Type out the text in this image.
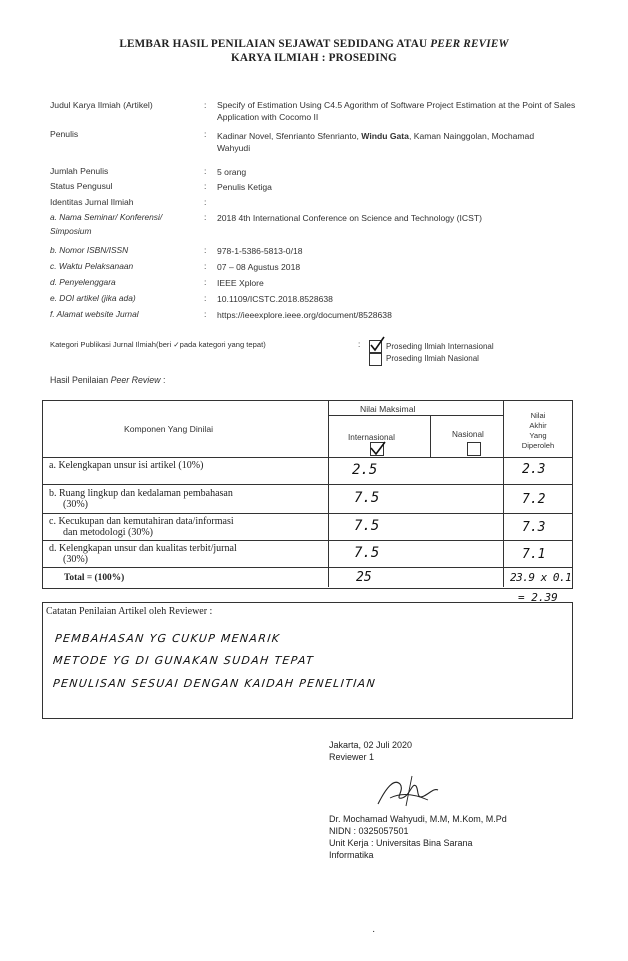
LEMBAR HASIL PENILAIAN SEJAWAT SEDIDANG ATAU PEER REVIEW
KARYA ILMIAH : PROSEDING
Judul Karya Ilmiah (Artikel)	: Specify of Estimation Using C4.5 Agorithm of Software Project Estimation at the Point of Sales Application with Cocomo II
Penulis	: Kadinar Novel, Sfenrianto Sfenrianto, Windu Gata, Kaman Nainggolan, Mochamad Wahyudi
Jumlah Penulis	: 5 orang
Status Pengusul	: Penulis Ketiga
Identitas Jurnal Ilmiah	:
a. Nama Seminar/ Konferensi/
Simposium
: 2018 4th International Conference on Science and Technology (ICST)
b. Nomor ISBN/ISSN	: 978-1-5386-5813-0/18
c. Waktu Pelaksanaan	: 07 – 08 Agustus 2018
d. Penyelenggara	: IEEE Xplore
e. DOI artikel (jika ada)	: 10.1109/ICSTC.2018.8528638
f. Alamat website Jurnal	: https://ieeexplore.ieee.org/document/8528638
Kategori Publikasi Jurnal Ilmiah(beri ✓pada kategori yang tepat)	:	Proseding Ilmiah Internasional
Proseding Ilmiah Nasional
Hasil Penilaian Peer Review :
Komponen Yang Dinilai
Nilai Maksimal
Internasional	Nasional
Nilai
Akhir
Yang
Diperoleh
a. Kelengkapan unsur isi artikel (10%)	2.5	2.3
b. Ruang lingkup dan kedalaman pembahasan
(30%)	7.5	7.2
c. Kecukupan dan kemutahiran data/informasi
dan metodologi (30%)	7.5	7.3
d. Kelengkapan unsur dan kualitas terbit/jurnal
(30%)	7.5	7.1
Total = (100%)	25	23.9 x 0.1
= 2.39
Catatan Penilaian Artikel oleh Reviewer :
PEMBAHASAN YG CUKUP MENARIK
METODE YG DI GUNAKAN SUDAH TEPAT
PENULISAN SESUAI DENGAN KAIDAH PENELITIAN
Jakarta, 02 Juli 2020
Reviewer 1
Dr. Mochamad Wahyudi, M.M, M.Kom, M.Pd
NIDN : 0325057501
Unit Kerja : Universitas Bina Sarana
Informatika
·
